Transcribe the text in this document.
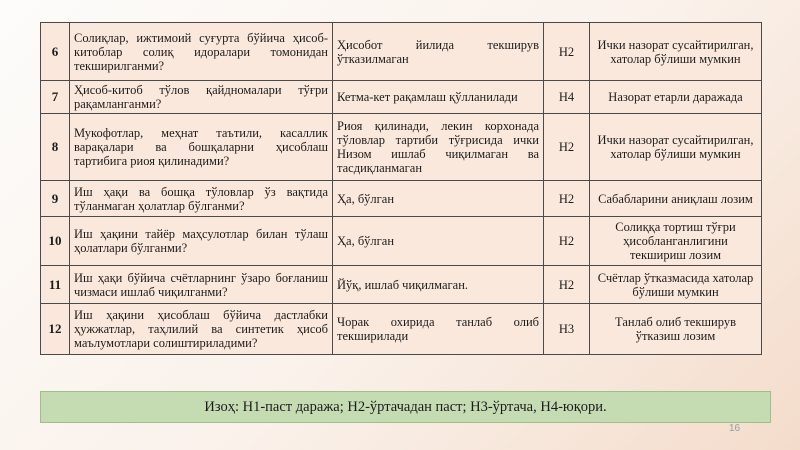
6	Солиқлар, ижтимоий суғурта бўйича ҳисоб-китоблар солиқ идоралари томонидан текширилганми?	Ҳисобот йилида текширув ўтказилмаган	Н2	Ички назорат сусайтирилган, хатолар бўлиши мумкин
7	Ҳисоб-китоб тўлов қайдномалари тўғри рақамланганми?	Кетма-кет рақамлаш қўлланилади	Н4	Назорат етарли даражада
8	Мукофотлар, меҳнат таътили, касаллик варақалари ва бошқаларни ҳисоблаш тартибига риоя қилинадими?	Риоя қилинади, лекин корхонада тўловлар тартиби тўғрисида ички Низом ишлаб чиқилмаган ва тасдиқланмаган	Н2	Ички назорат сусайтирилган, хатолар бўлиши мумкин
9	Иш ҳақи ва бошқа тўловлар ўз вақтида тўланмаган ҳолатлар бўлганми?	Ҳа, бўлган	Н2	Сабабларини аниқлаш лозим
10	Иш ҳақини тайёр маҳсулотлар билан тўлаш ҳолатлари бўлганми?	Ҳа, бўлган	Н2	Солиққа тортиш тўғри ҳисобланганлигини текшириш лозим
11	Иш ҳақи бўйича счётларнинг ўзаро боғланиш чизмаси ишлаб чиқилганми?	Йўқ, ишлаб чиқилмаган.	Н2	Счётлар ўтказмасида хатолар бўлиши мумкин
12	Иш ҳақини ҳисоблаш бўйича дастлабки ҳужжатлар, таҳлилий ва синтетик ҳисоб маълумотлари солиштириладими?	Чорак охирида танлаб олиб текширилади	Н3	Танлаб олиб текширув ўтказиш лозим
Изоҳ: Н1-паст даража; Н2-ўртачадан паст; Н3-ўртача, Н4-юқори.
16
